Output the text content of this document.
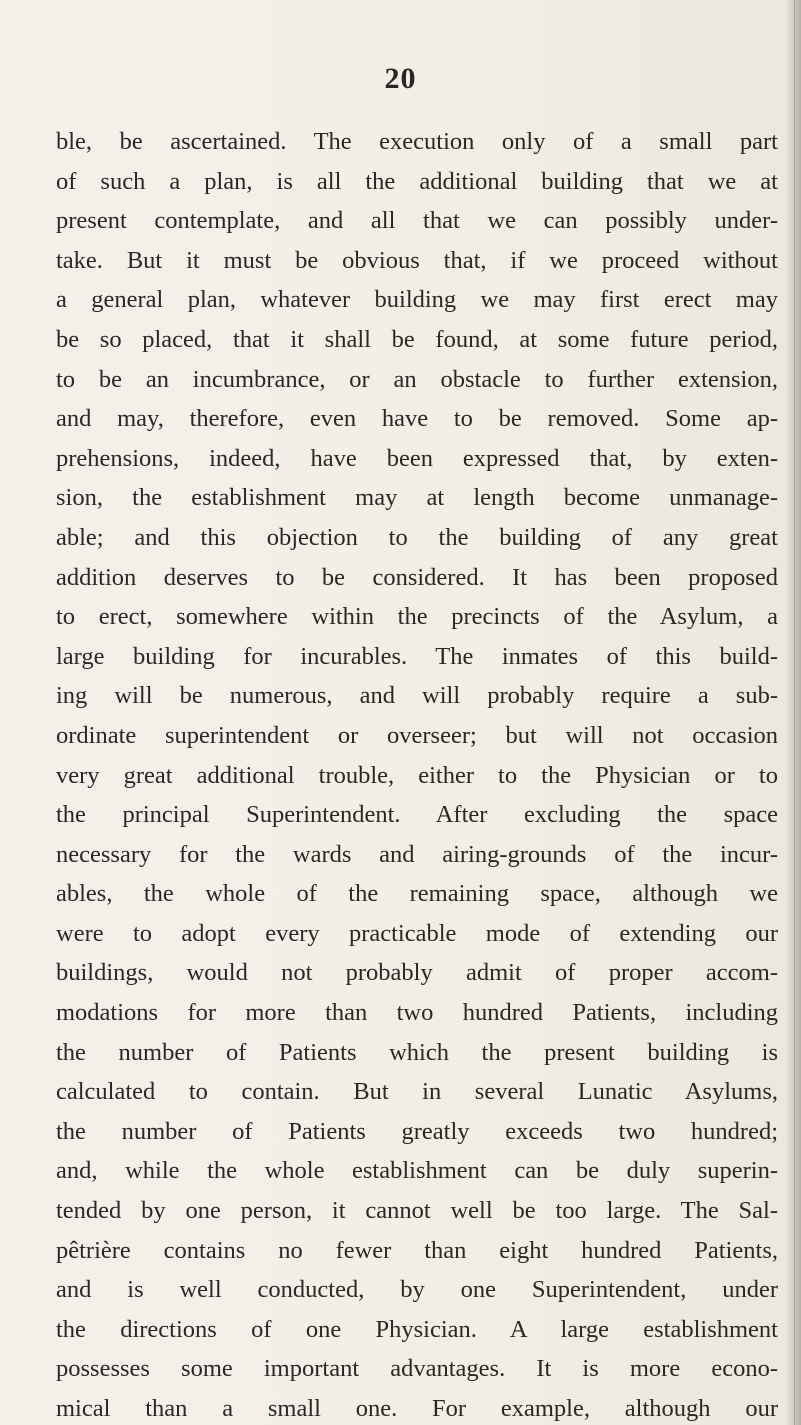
20
ble, be ascertained. The execution only of a small part
of such a plan, is all the additional building that we at
present contemplate, and all that we can possibly under-
take. But it must be obvious that, if we proceed without
a general plan, whatever building we may first erect may
be so placed, that it shall be found, at some future period,
to be an incumbrance, or an obstacle to further extension,
and may, therefore, even have to be removed. Some ap-
prehensions, indeed, have been expressed that, by exten-
sion, the establishment may at length become unmanage-
able; and this objection to the building of any great
addition deserves to be considered. It has been proposed
to erect, somewhere within the precincts of the Asylum, a
large building for incurables. The inmates of this build-
ing will be numerous, and will probably require a sub-
ordinate superintendent or overseer; but will not occasion
very great additional trouble, either to the Physician or to
the principal Superintendent. After excluding the space
necessary for the wards and airing-grounds of the incur-
ables, the whole of the remaining space, although we
were to adopt every practicable mode of extending our
buildings, would not probably admit of proper accom-
modations for more than two hundred Patients, including
the number of Patients which the present building is
calculated to contain. But in several Lunatic Asylums,
the number of Patients greatly exceeds two hundred;
and, while the whole establishment can be duly superin-
tended by one person, it cannot well be too large. The Sal-
pêtrière contains no fewer than eight hundred Patients,
and is well conducted, by one Superintendent, under
the directions of one Physician. A large establishment
possesses some important advantages. It is more econo-
mical than a small one. For example, although our
